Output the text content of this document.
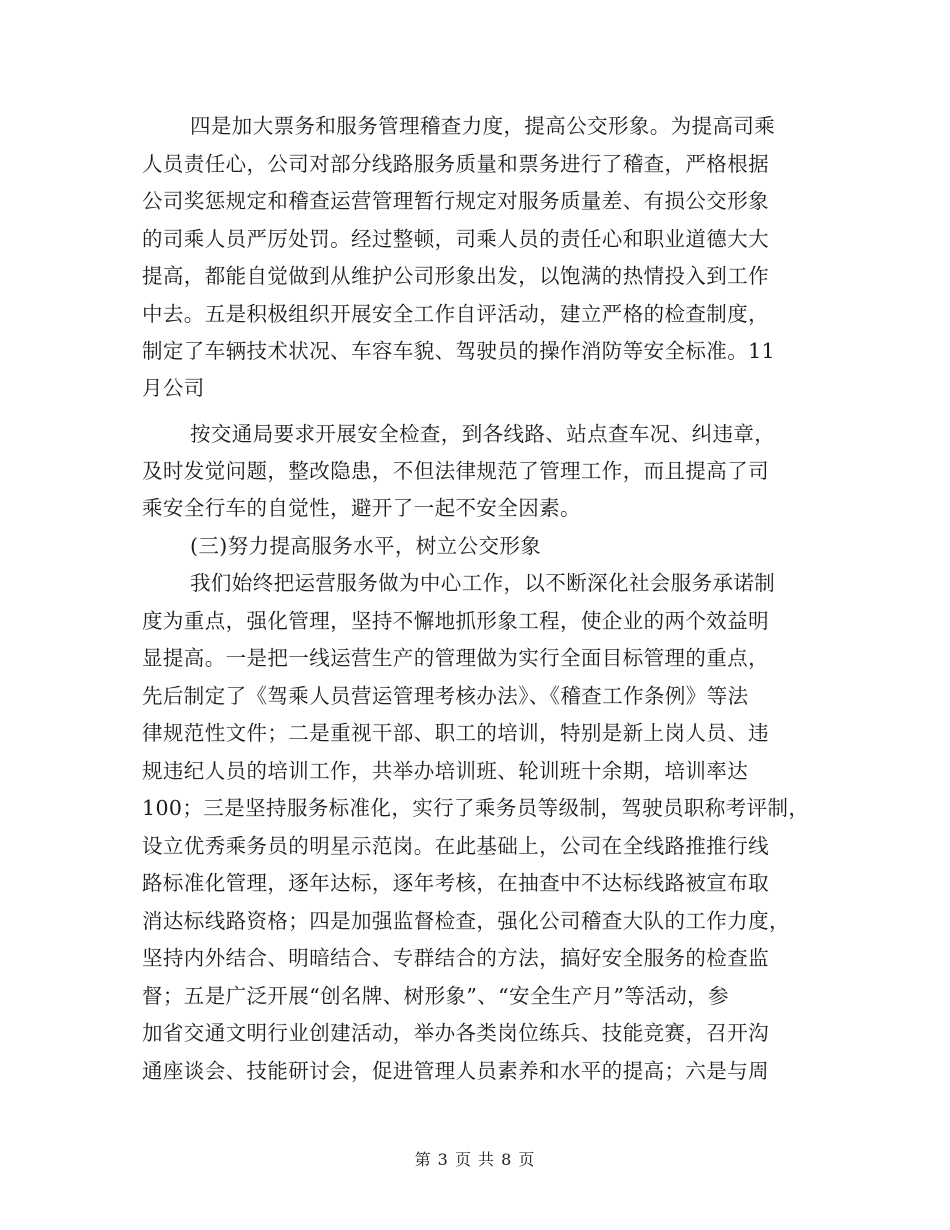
四是加大票务和服务管理稽查力度，提高公交形象。为提高司乘
人员责任心，公司对部分线路服务质量和票务进行了稽查，严格根据
公司奖惩规定和稽查运营管理暂行规定对服务质量差、有损公交形象
的司乘人员严厉处罚。经过整顿，司乘人员的责任心和职业道德大大
提高，都能自觉做到从维护公司形象出发，以饱满的热情投入到工作
中去。五是积极组织开展安全工作自评活动，建立严格的检查制度，
制定了车辆技术状况、车容车貌、驾驶员的操作消防等安全标准。11
月公司
按交通局要求开展安全检查，到各线路、站点查车况、纠违章，
及时发觉问题，整改隐患，不但法律规范了管理工作，而且提高了司
乘安全行车的自觉性，避开了一起不安全因素。
(三)努力提高服务水平，树立公交形象
我们始终把运营服务做为中心工作，以不断深化社会服务承诺制
度为重点，强化管理，坚持不懈地抓形象工程，使企业的两个效益明
显提高。一是把一线运营生产的管理做为实行全面目标管理的重点，
先后制定了《驾乘人员营运管理考核办法》、《稽查工作条例》等法
律规范性文件；二是重视干部、职工的培训，特别是新上岗人员、违
规违纪人员的培训工作，共举办培训班、轮训班十余期，培训率达
100；三是坚持服务标准化，实行了乘务员等级制，驾驶员职称考评制，
设立优秀乘务员的明星示范岗。在此基础上，公司在全线路推推行线
路标准化管理，逐年达标，逐年考核，在抽查中不达标线路被宣布取
消达标线路资格；四是加强监督检查，强化公司稽查大队的工作力度，
坚持内外结合、明暗结合、专群结合的方法，搞好安全服务的检查监
督；五是广泛开展“创名牌、树形象”、“安全生产月”等活动，参
加省交通文明行业创建活动，举办各类岗位练兵、技能竞赛，召开沟
通座谈会、技能研讨会，促进管理人员素养和水平的提高；六是与周
第 3 页 共 8 页
